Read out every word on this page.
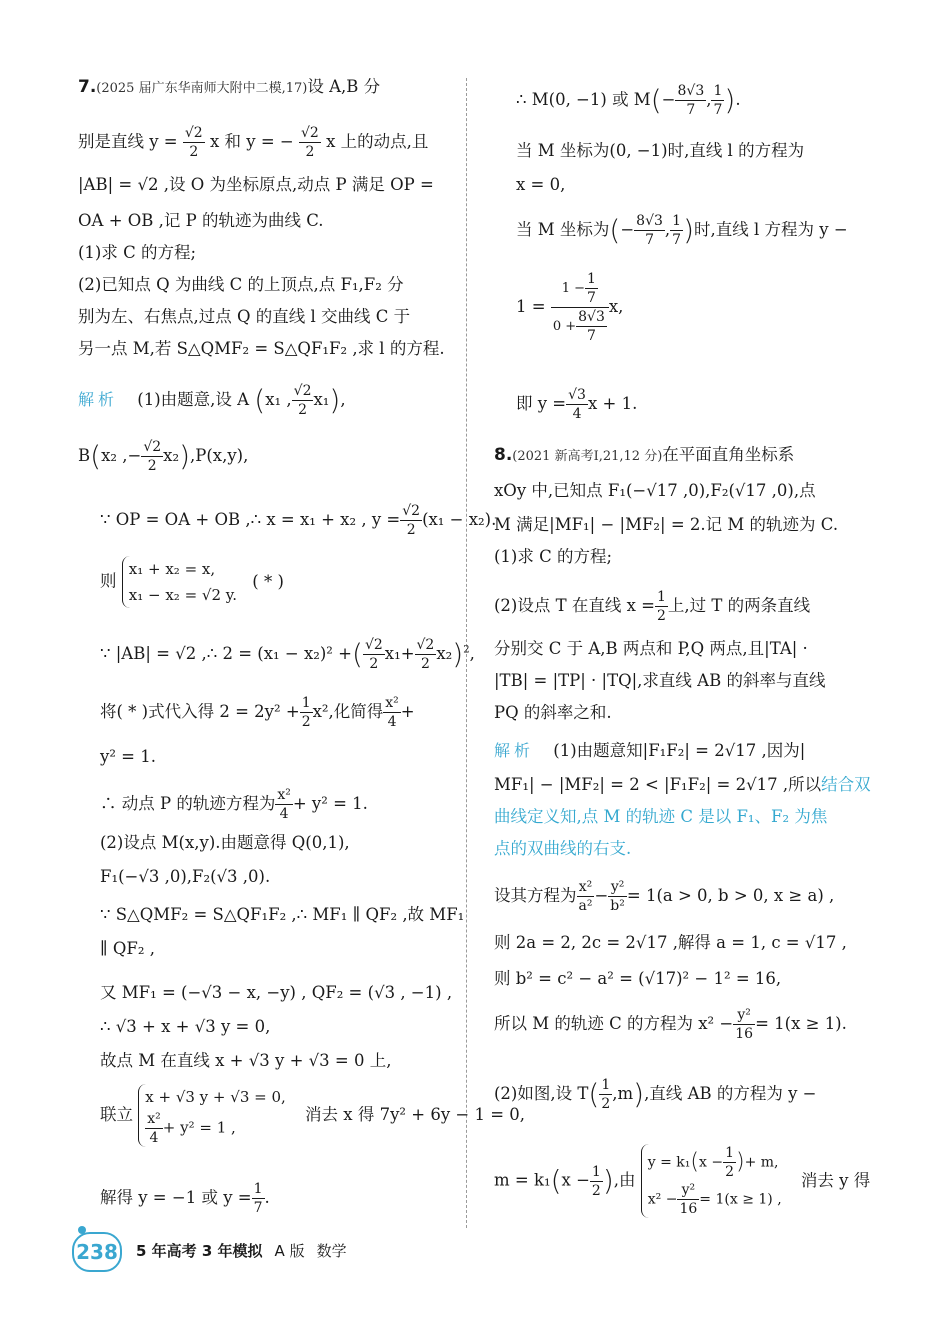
7.(2025 届广东华南师大附中二模,17)设 A,B 分
别是直线 $y = \frac{√2}{2}$ x 和 y = − $\frac{√2}{2}$ x 上的动点,且
|AB| = √2 ,设 O 为坐标原点,动点 P 满足 OP =
OA + OB ,记 P 的轨迹为曲线 C.
(1)求 C 的方程;
(2)已知点 Q 为曲线 C 的上顶点,点 F₁,F₂ 分
别为左、右焦点,过点 Q 的直线 l 交曲线 C 于
另一点 M,若 S△QMF₂ = S△QF₁F₂ ,求 l 的方程.
解析 (1)由题意,设 A (x₁ , $\frac{√2}{2} x_1$),
B(x₂ ,− $\frac{√2}{2} x_2),P(x,y)$,
∵ OP = OA + OB ,∴ x = x₁ + x₂ , $y = \frac{√2}{2} (x_1 - x_2)$.
则
x₁ + x₂ = x,
x₁ − x₂ = √2 y.
( * )
∵ |AB| = √2 ,∴ 2 = (x₁ − x₂)² +( $\frac{√2}{2} x_1+ \frac{√2}{2} x_2)^2$,
将( * )式代入得 $2 = 2y^2 + \frac{1}{2} x^2$,化简得 $\frac{\text{x²}}{4}$ +
y² = 1.
∴ 动点 P 的轨迹方程为 $\frac{\text{x²}}{4} + y^2 = 1$.
(2)设点 M(x,y).由题意得 Q(0,1),
F₁(−√3 ,0),F₂(√3 ,0).
∵ S△QMF₂ = S△QF₁F₂ ,∴ MF₁ ∥ QF₂ ,故 MF₁
∥ QF₂ ,
又 MF₁ = (−√3 − x, −y) , QF₂ = (√3 , −1) ,
∴ √3 + x + √3 y = 0,
故点 M 在直线 x + √3 y + √3 = 0 上,
联立
x + √3 y + √3 = 0,
$\frac{\text{x²}}{4} + y^2 = 1$ ,
消去 x 得 7y² + 6y − 1 = 0,
解得 y = −1 或 $y = \frac{1}{7}$ .
∴ M(0, −1) 或 $M(- \frac{8√3}{7}$ , $\frac{1}{7}$ ).
当 M 坐标为(0, −1)时,直线 l 的方程为
x = 0,
当 M 坐标为(− $\frac{8√3}{7}$ , $\frac{1}{7}$ )时,直线 l 方程为 y −
$1 = \frac{1 - \frac{1}{7}}{0 + \frac{8√3}{7}} x$,
即 $y = \frac{√3}{4}$ x + 1.
8.(2021 新高考Ⅰ,21,12 分)在平面直角坐标系
xOy 中,已知点 F₁(−√17 ,0),F₂(√17 ,0),点
M 满足|MF₁| − |MF₂| = 2.记 M 的轨迹为 C.
(1)求 C 的方程;
(2)设点 T 在直线 $x = \frac{1}{2}$ 上,过 T 的两条直线
分别交 C 于 A,B 两点和 P,Q 两点,且|TA| ·
|TB| = |TP| · |TQ|,求直线 AB 的斜率与直线
PQ 的斜率之和.
解析 (1)由题意知|F₁F₂| = 2√17 ,因为|
MF₁| − |MF₂| = 2 < |F₁F₂| = 2√17 ,所以结合双
曲线定义知,点 M 的轨迹 C 是以 F₁、F₂ 为焦
点的双曲线的右支.
设其方程为 $\frac{\text{x²}}{\text{a²}} - \frac{\text{y²}}{\text{b²}} = 1(a > 0$, b > 0, x ≥ a) ,
则 2a = 2, 2c = 2√17 ,解得 a = 1, c = √17 ,
则 b² = c² − a² = (√17)² − 1² = 16,
所以 M 的轨迹 C 的方程为 $x^2 - \frac{\text{y²}}{16} = 1(x \ge 1)$.
(2)如图,设 $T( \frac{1}{2} ,m)$,直线 AB 的方程为 y −
$m = k_1(x - \frac{1}{2}$ ),由
$y = k_1(x - \frac{1}{2}$ )+ m,
$x^2 - \frac{\text{y²}}{16} = 1(x \ge 1)$ ,
消去 y 得
238 5 年高考 3 年模拟 A 版 数学
